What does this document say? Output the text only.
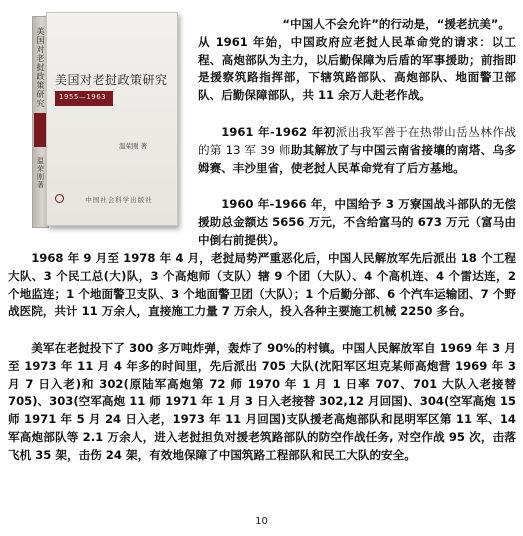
美国对老挝政策研究
温荣刚 著
美国对老挝政策研究
1955—1963
温荣刚 著
中国社会科学出版社
“中国人不会允许”的行动是，“援老抗美”。
从 1961 年始，中国政府应老挝人民革命党的请求：以工程、高炮部队为主力，以后勤保障为后盾的军事援助；前指即是援察筑路指挥部，下辖筑路部队、高炮部队、地面警卫部队、后勤保障部队，共 11 余万人赴老作战。
1961 年-1962 年初派出我军善于在热带山岳丛林作战的第 13 军 39 师助其解放了与中国云南省接壤的南塔、乌多姆赛、丰沙里省，使老挝人民革命党有了后方基地。
1960 年-1966 年，中国给予 3 万寮国战斗部队的无偿援助总金额达 5656 万元，不含给富马的 673 万元（富马由中倒右前提供）。
1968 年 9 月至 1978 年 4 月，老挝局势严重恶化后，中国人民解放军先后派出 18 个工程大队、3 个民工总(大)队，3 个高炮师（支队）辖 9 个团（大队）、4 个高机连、4 个雷达连，2 个地监连；1 个地面警卫支队、3 个地面警卫团（大队）；1 个后勤分部、6 个汽车运输团、7 个野战医院，共计 11 万余人，直接施工力量 7 万余人，投入各种主要施工机械 2250 多台。
美军在老挝投下了 300 多万吨炸弹，轰炸了 90%的村镇。中国人民解放军自 1969 年 3 月至 1973 年 11 月 4 年多的时间里，先后派出 705 大队(沈阳军区坦克某师高炮营 1969 年 3 月 7 日入老)和 302(原陆军高炮第 72 师 1970 年 1 月 1 日率 707、701 大队入老接替 705)、303(空军高炮 11 师 1971 年 1 月 3 日入老接替 302,12 月回国)、304(空军高炮 15 师 1971 年 5 月 24 日入老，1973 年 11 月回国)支队援老高炮部队和昆明军区第 11 军、14 军高炮部队等 2.1 万余人，进入老挝担负对援老筑路部队的防空作战任务, 对空作战 95 次，击落飞机 35 架，击伤 24 架，有效地保障了中国筑路工程部队和民工大队的安全。
10
